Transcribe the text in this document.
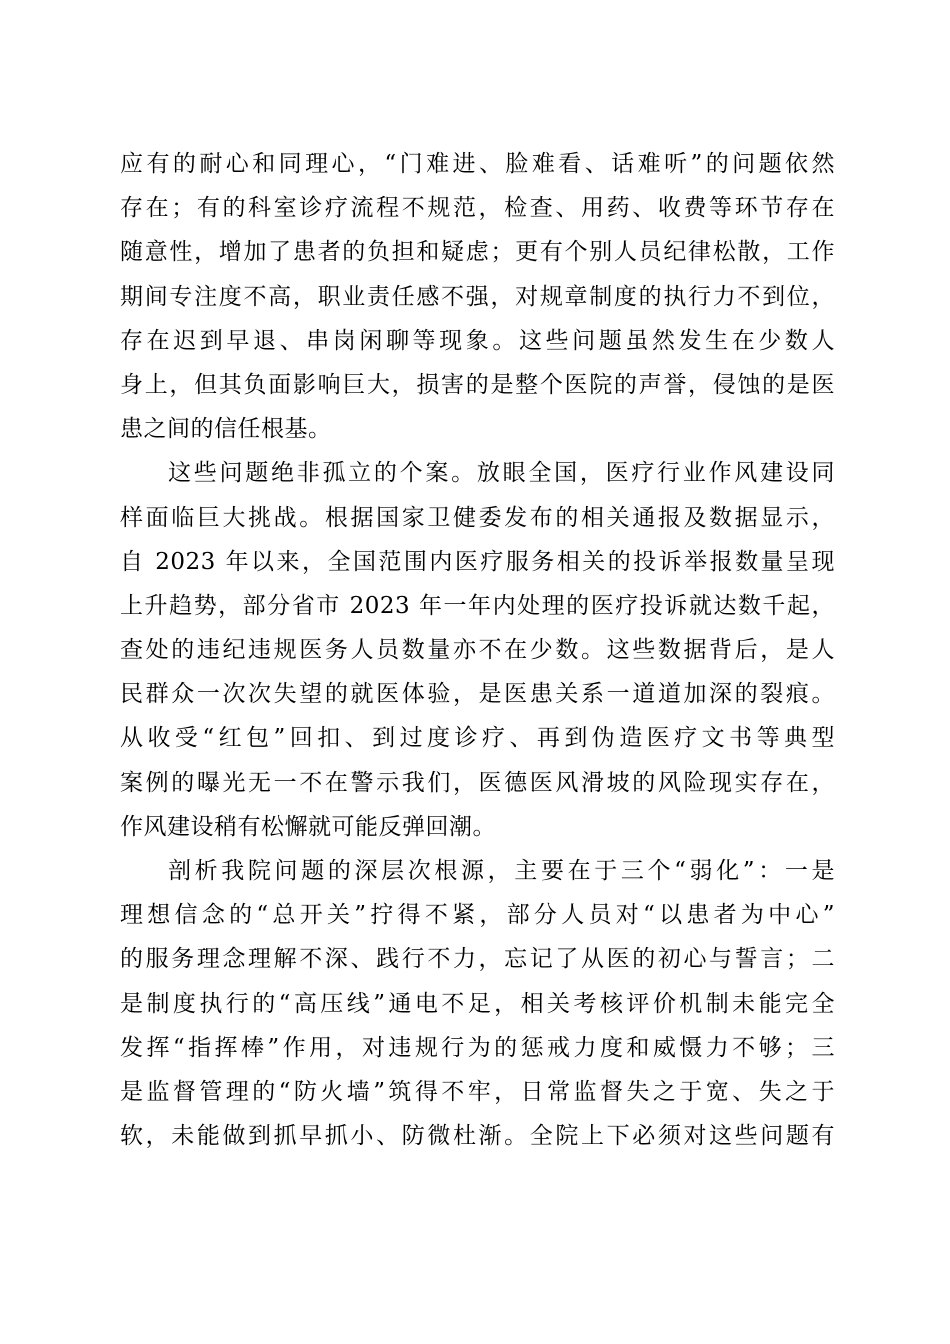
应有的耐心和同理心，“门难进、脸难看、话难听”的问题依然
存在；有的科室诊疗流程不规范，检查、用药、收费等环节存在
随意性，增加了患者的负担和疑虑；更有个别人员纪律松散，工作
期间专注度不高，职业责任感不强，对规章制度的执行力不到位，
存在迟到早退、串岗闲聊等现象。这些问题虽然发生在少数人
身上，但其负面影响巨大，损害的是整个医院的声誉，侵蚀的是医
患之间的信任根基。
这些问题绝非孤立的个案。放眼全国，医疗行业作风建设同
样面临巨大挑战。根据国家卫健委发布的相关通报及数据显示，
自 2023 年以来，全国范围内医疗服务相关的投诉举报数量呈现
上升趋势，部分省市 2023 年一年内处理的医疗投诉就达数千起，
查处的违纪违规医务人员数量亦不在少数。这些数据背后，是人
民群众一次次失望的就医体验，是医患关系一道道加深的裂痕。
从收受“红包”回扣、到过度诊疗、再到伪造医疗文书等典型
案例的曝光无一不在警示我们，医德医风滑坡的风险现实存在，
作风建设稍有松懈就可能反弹回潮。
剖析我院问题的深层次根源，主要在于三个“弱化”：一是
理想信念的“总开关”拧得不紧，部分人员对“以患者为中心”
的服务理念理解不深、践行不力，忘记了从医的初心与誓言；二
是制度执行的“高压线”通电不足，相关考核评价机制未能完全
发挥“指挥棒”作用，对违规行为的惩戒力度和威慑力不够；三
是监督管理的“防火墙”筑得不牢，日常监督失之于宽、失之于
软，未能做到抓早抓小、防微杜渐。全院上下必须对这些问题有
